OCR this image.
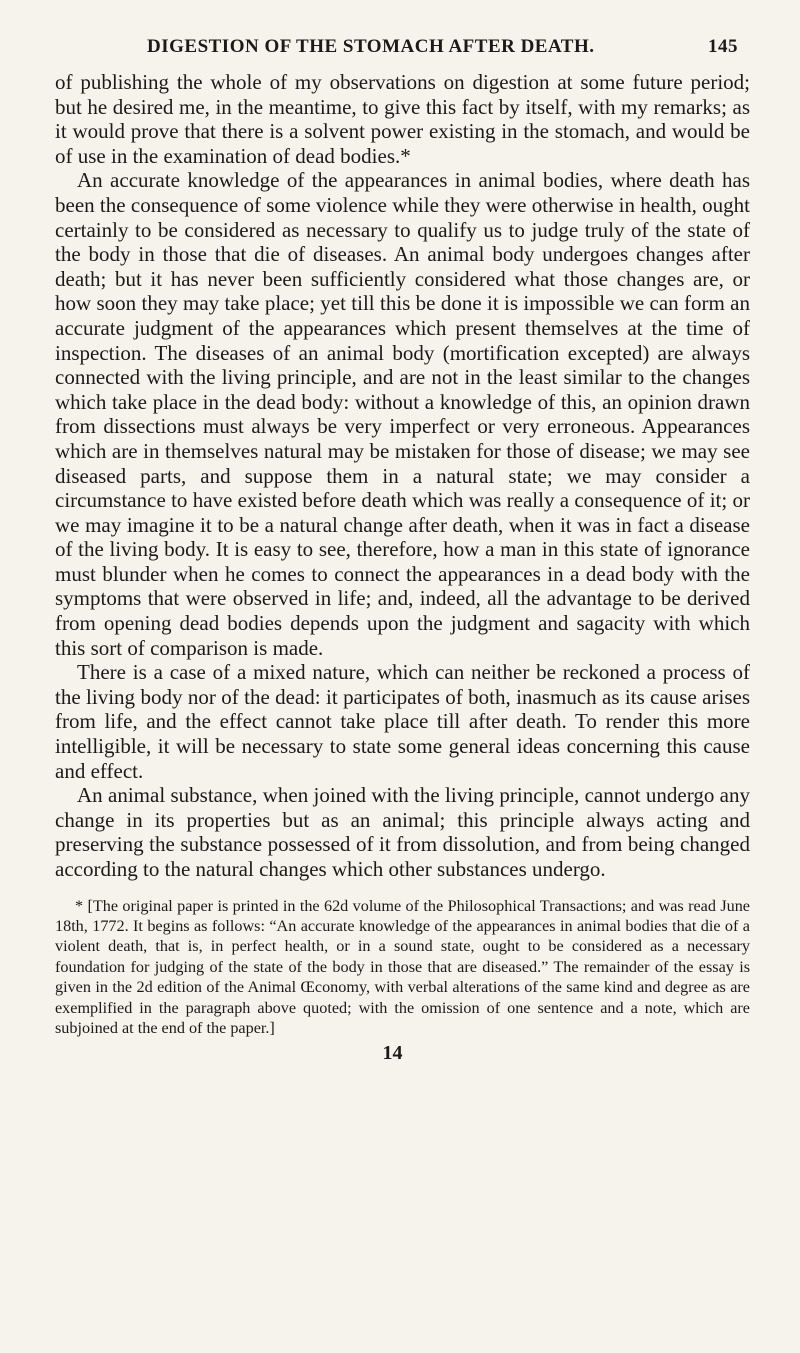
DIGESTION OF THE STOMACH AFTER DEATH.	145

of publishing the whole of my observations on digestion at some future period; but he desired me, in the meantime, to give this fact by itself, with my remarks; as it would prove that there is a solvent power existing in the stomach, and would be of use in the examination of dead bodies.*

An accurate knowledge of the appearances in animal bodies, where death has been the consequence of some violence while they were otherwise in health, ought certainly to be considered as necessary to qualify us to judge truly of the state of the body in those that die of diseases. An animal body undergoes changes after death; but it has never been sufficiently considered what those changes are, or how soon they may take place; yet till this be done it is impossible we can form an accurate judgment of the appearances which present themselves at the time of inspection. The diseases of an animal body (mortification excepted) are always connected with the living principle, and are not in the least similar to the changes which take place in the dead body: without a knowledge of this, an opinion drawn from dissections must always be very imperfect or very erroneous. Appearances which are in themselves natural may be mistaken for those of disease; we may see diseased parts, and suppose them in a natural state; we may consider a circumstance to have existed before death which was really a consequence of it; or we may imagine it to be a natural change after death, when it was in fact a disease of the living body. It is easy to see, therefore, how a man in this state of ignorance must blunder when he comes to connect the appearances in a dead body with the symptoms that were observed in life; and, indeed, all the advantage to be derived from opening dead bodies depends upon the judgment and sagacity with which this sort of comparison is made.

There is a case of a mixed nature, which can neither be reckoned a process of the living body nor of the dead: it participates of both, inasmuch as its cause arises from life, and the effect cannot take place till after death. To render this more intelligible, it will be necessary to state some general ideas concerning this cause and effect.

An animal substance, when joined with the living principle, cannot undergo any change in its properties but as an animal; this principle always acting and preserving the substance possessed of it from dissolution, and from being changed according to the natural changes which other substances undergo.

* [The original paper is printed in the 62d volume of the Philosophical Transactions; and was read June 18th, 1772. It begins as follows: “An accurate knowledge of the appearances in animal bodies that die of a violent death, that is, in perfect health, or in a sound state, ought to be considered as a necessary foundation for judging of the state of the body in those that are diseased.” The remainder of the essay is given in the 2d edition of the Animal Œconomy, with verbal alterations of the same kind and degree as are exemplified in the paragraph above quoted; with the omission of one sentence and a note, which are subjoined at the end of the paper.]

14
